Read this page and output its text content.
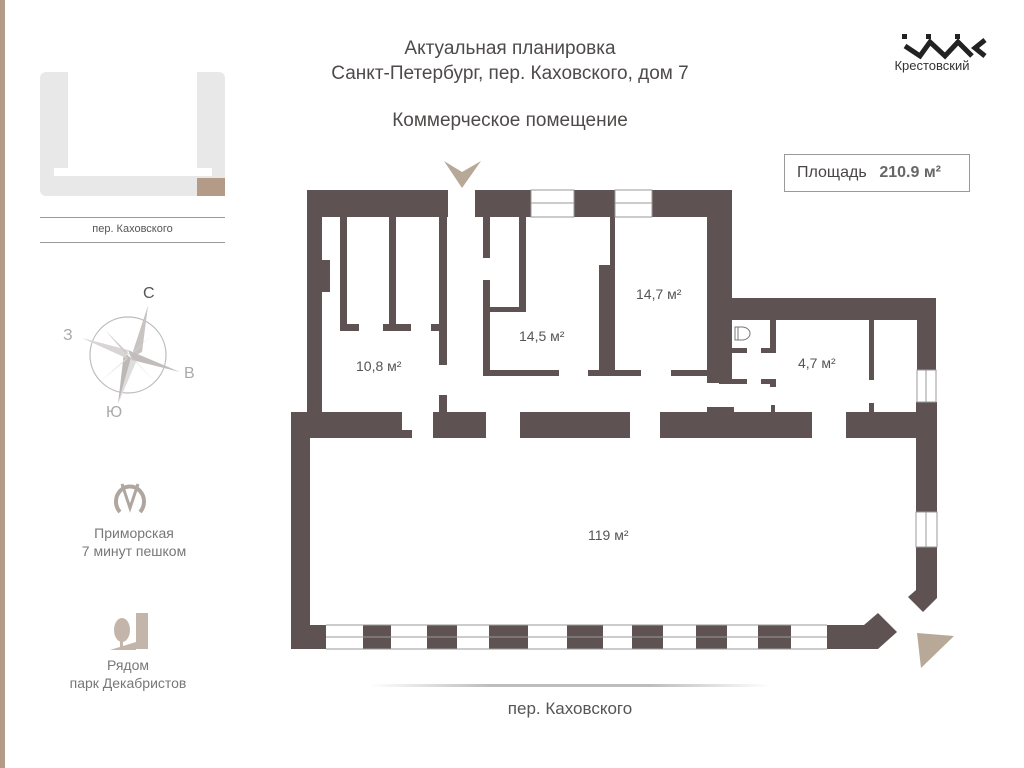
Актуальная планировка
Санкт-Петербург, пер. Каховского, дом 7
Коммерческое помещение
Крестовский
Площадь 210.9 м²
пер. Каховского
С
Ю
З
В
Приморская
7 минут пешком
Рядом
парк Декабристов
10,8 м²
14,5 м²
14,7 м²
4,7 м²
119 м²
пер. Каховского
